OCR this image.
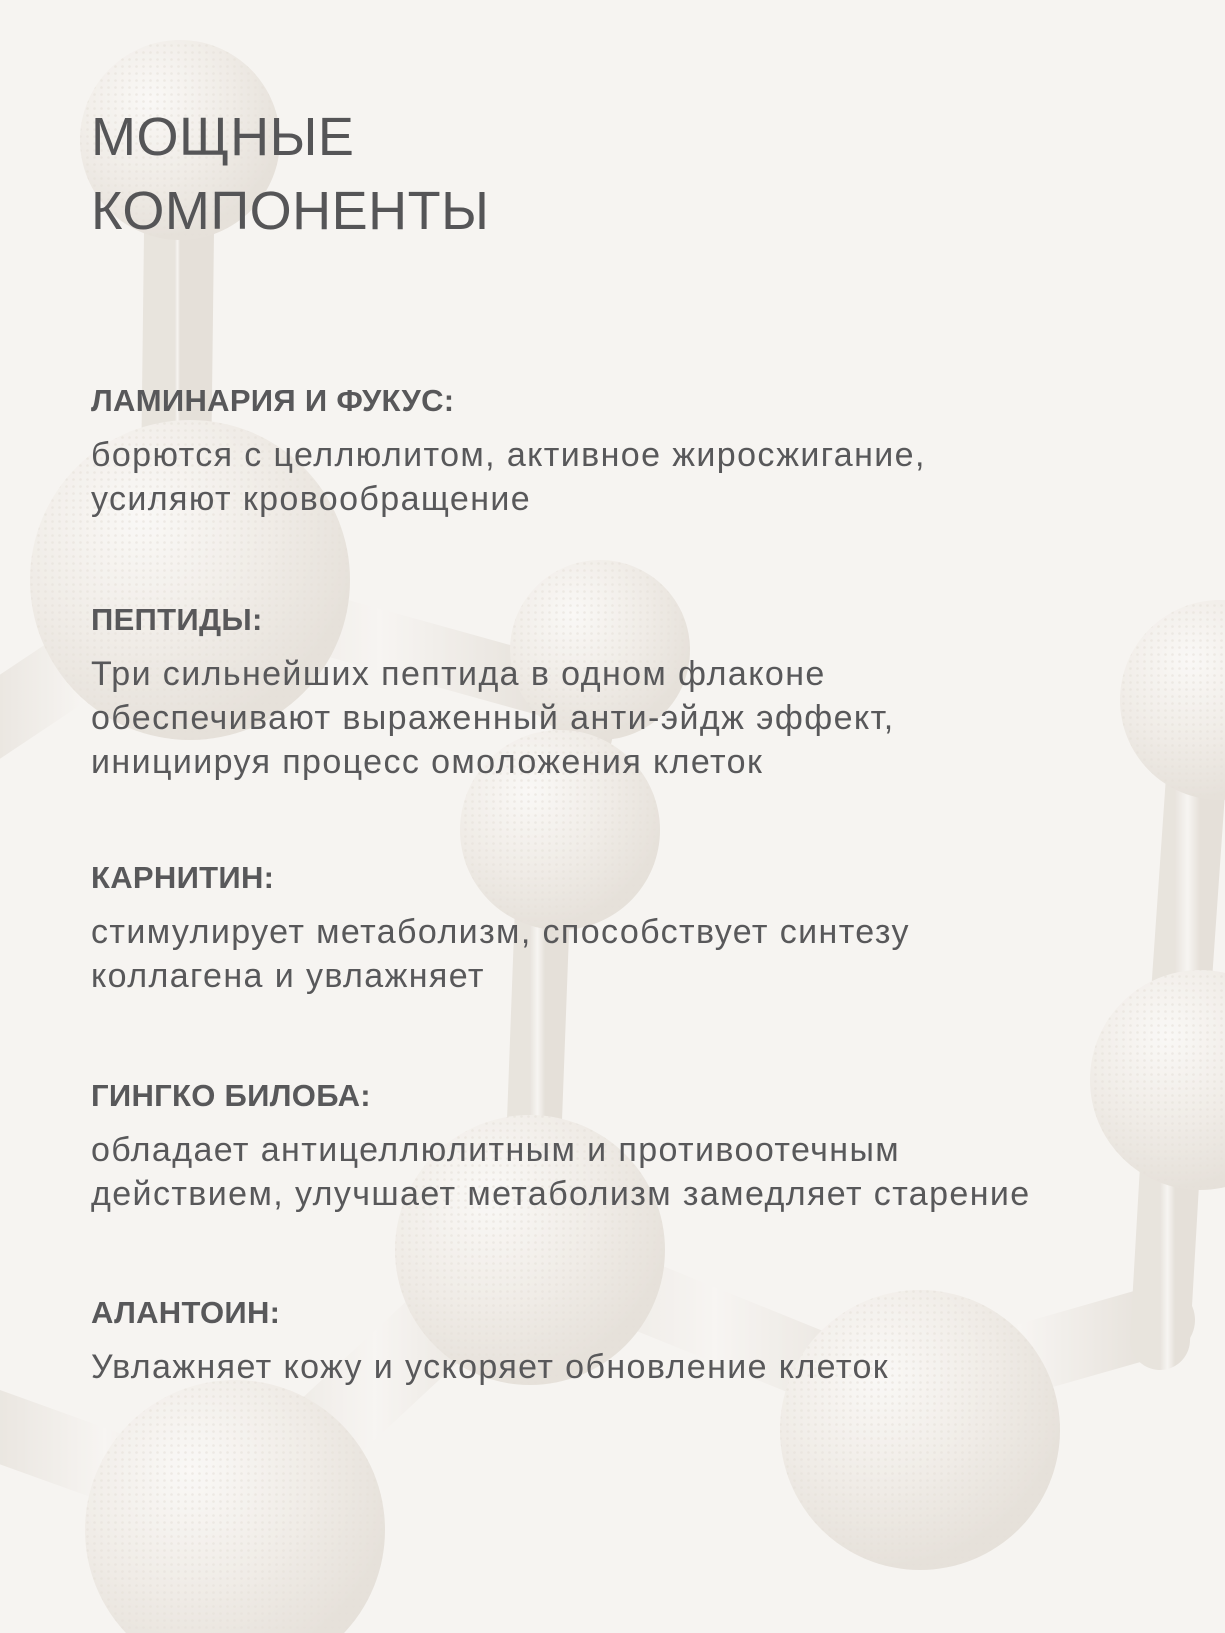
МОЩНЫЕ
КОМПОНЕНТЫ

ЛАМИНАРИЯ И ФУКУС:

борются с целлюлитом, активное жиросжигание,
усиляют кровообращение

ПЕПТИДЫ:

Три сильнейших пептида в одном флаконе
обеспечивают выраженный анти-эйдж эффект,
инициируя процесс омоложения клеток

КАРНИТИН:

стимулирует метаболизм, способствует синтезу
коллагена и увлажняет

ГИНГКО БИЛОБА:

обладает антицеллюлитным и противоотечным
действием, улучшает метаболизм замедляет старение

АЛАНТОИН:

Увлажняет кожу и ускоряет обновление клеток
